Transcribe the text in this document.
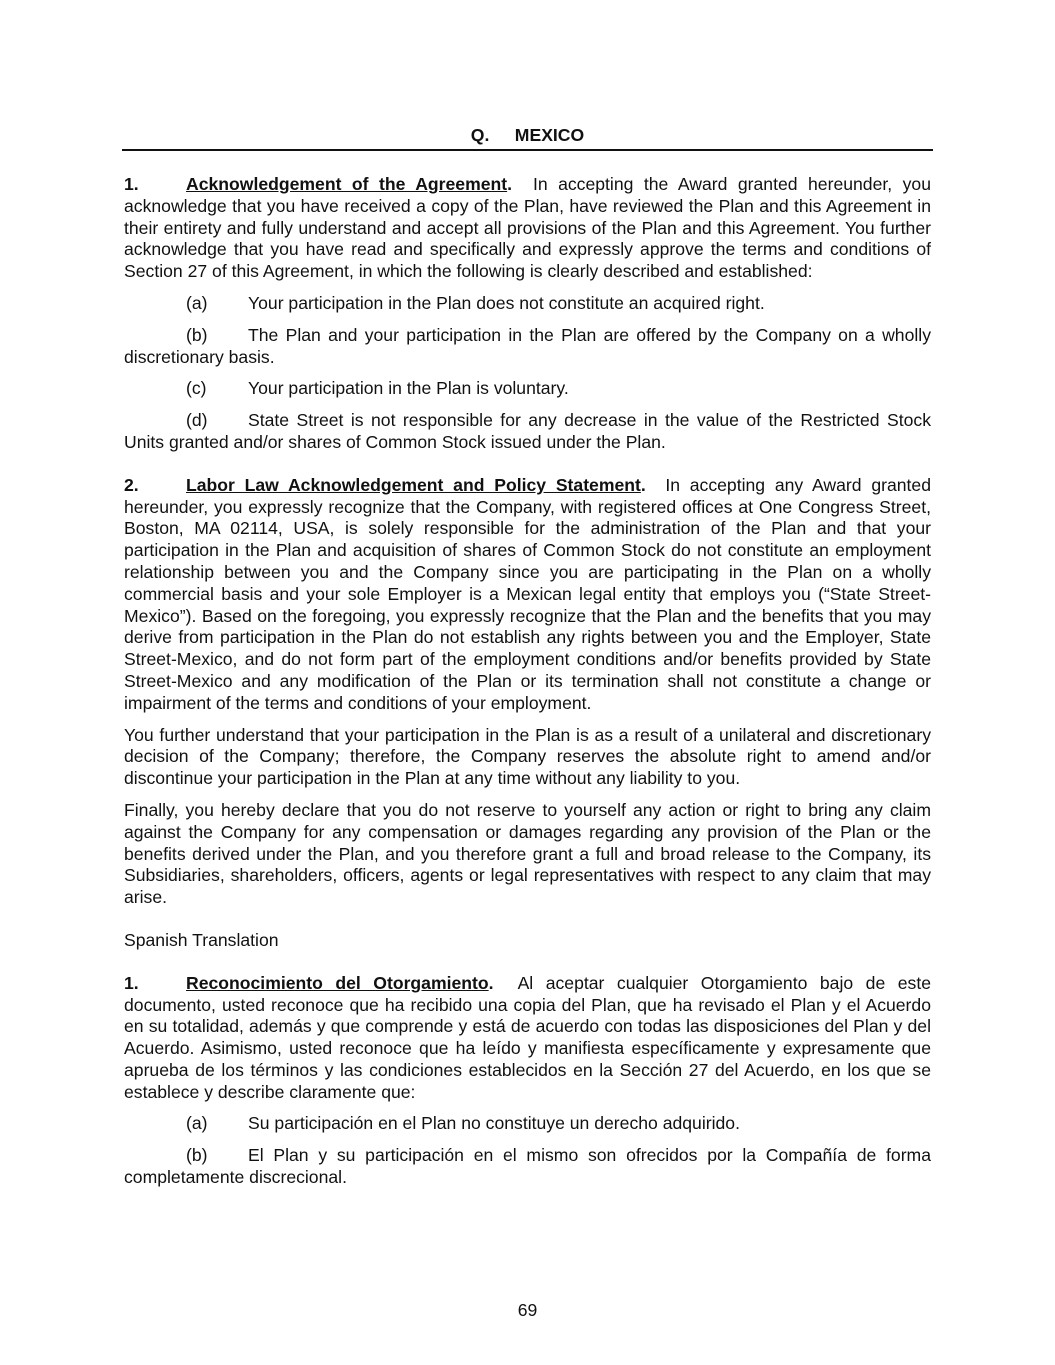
Q. MEXICO

1.	Acknowledgement of the Agreement. In accepting the Award granted hereunder, you acknowledge that you have received a copy of the Plan, have reviewed the Plan and this Agreement in their entirety and fully understand and accept all provisions of the Plan and this Agreement. You further acknowledge that you have read and specifically and expressly approve the terms and conditions of Section 27 of this Agreement, in which the following is clearly described and established:

(a) Your participation in the Plan does not constitute an acquired right.

(b) The Plan and your participation in the Plan are offered by the Company on a wholly discretionary basis.

(c) Your participation in the Plan is voluntary.

(d) State Street is not responsible for any decrease in the value of the Restricted Stock Units granted and/or shares of Common Stock issued under the Plan.

2.	Labor Law Acknowledgement and Policy Statement. In accepting any Award granted hereunder, you expressly recognize that the Company, with registered offices at One Congress Street, Boston, MA 02114, USA, is solely responsible for the administration of the Plan and that your participation in the Plan and acquisition of shares of Common Stock do not constitute an employment relationship between you and the Company since you are participating in the Plan on a wholly commercial basis and your sole Employer is a Mexican legal entity that employs you (“State Street-Mexico”). Based on the foregoing, you expressly recognize that the Plan and the benefits that you may derive from participation in the Plan do not establish any rights between you and the Employer, State Street-Mexico, and do not form part of the employment conditions and/or benefits provided by State Street-Mexico and any modification of the Plan or its termination shall not constitute a change or impairment of the terms and conditions of your employment.

You further understand that your participation in the Plan is as a result of a unilateral and discretionary decision of the Company; therefore, the Company reserves the absolute right to amend and/or discontinue your participation in the Plan at any time without any liability to you.

Finally, you hereby declare that you do not reserve to yourself any action or right to bring any claim against the Company for any compensation or damages regarding any provision of the Plan or the benefits derived under the Plan, and you therefore grant a full and broad release to the Company, its Subsidiaries, shareholders, officers, agents or legal representatives with respect to any claim that may arise.

Spanish Translation

1.	Reconocimiento del Otorgamiento. Al aceptar cualquier Otorgamiento bajo de este documento, usted reconoce que ha recibido una copia del Plan, que ha revisado el Plan y el Acuerdo en su totalidad, además y que comprende y está de acuerdo con todas las disposiciones del Plan y del Acuerdo. Asimismo, usted reconoce que ha leído y manifiesta específicamente y expresamente que aprueba de los términos y las condiciones establecidos en la Sección 27 del Acuerdo, en los que se establece y describe claramente que:

(a) Su participación en el Plan no constituye un derecho adquirido.

(b) El Plan y su participación en el mismo son ofrecidos por la Compañía de forma completamente discrecional.

69
